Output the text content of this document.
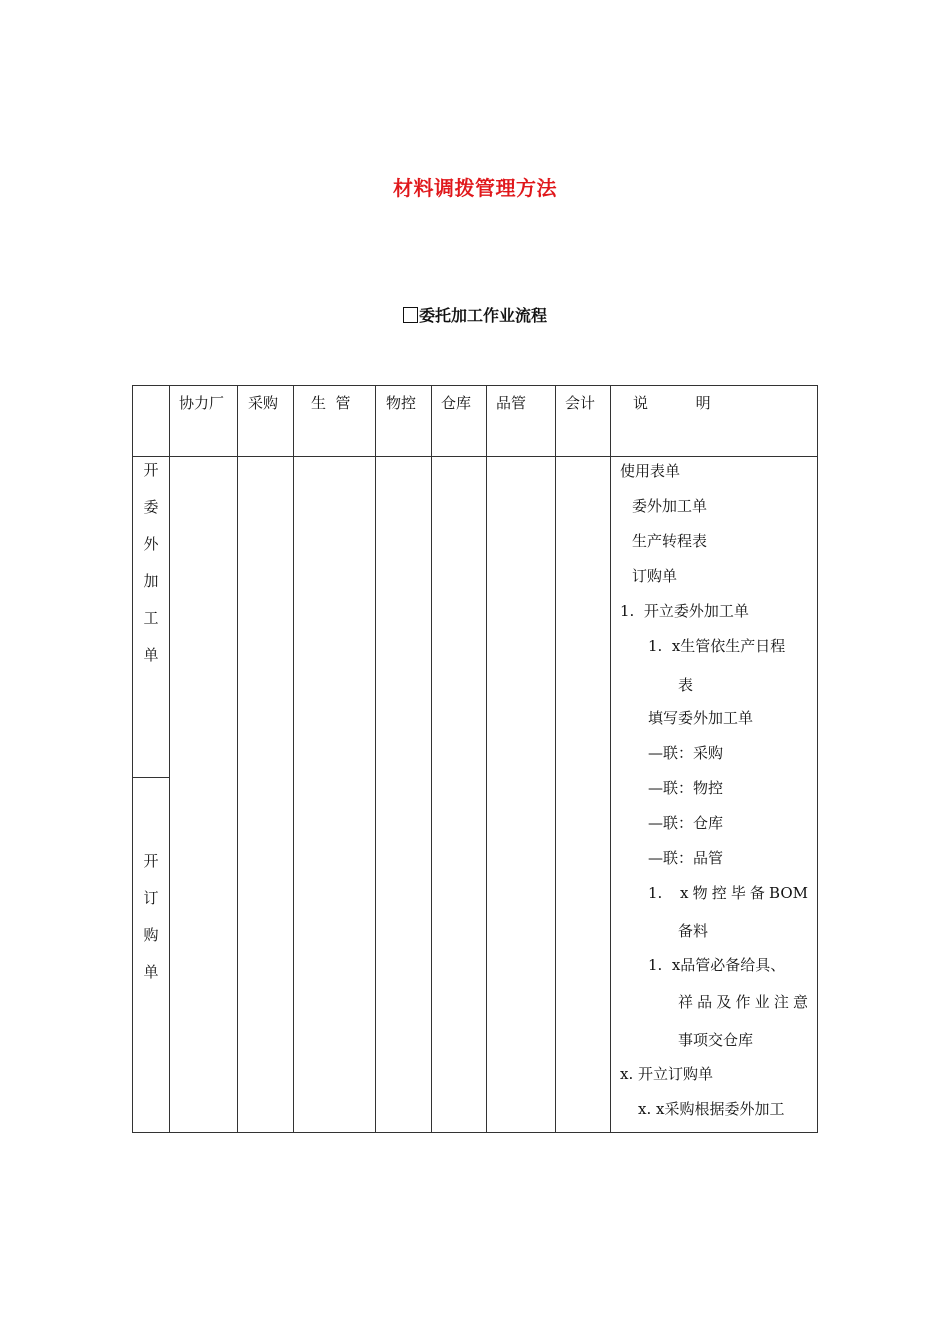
材料调拨管理方法
委托加工作业流程
协力厂 采购 生  管 物控 仓库 品管	会计	说          明
开
委
外
加
工
单
开
订
购
单
使用表单
委外加工单
生产转程表
订购单
1.  开立委外加工单
1.  x生管依生产日程
表
填写委外加工单
—联：采购
—联：物控
—联：仓库
—联：品管
1.  x物控毕备BOM
备料
1.  x品管必备给具、
祥品及作业注意
事项交仓库
x. 开立订购单
x. x采购根据委外加工
